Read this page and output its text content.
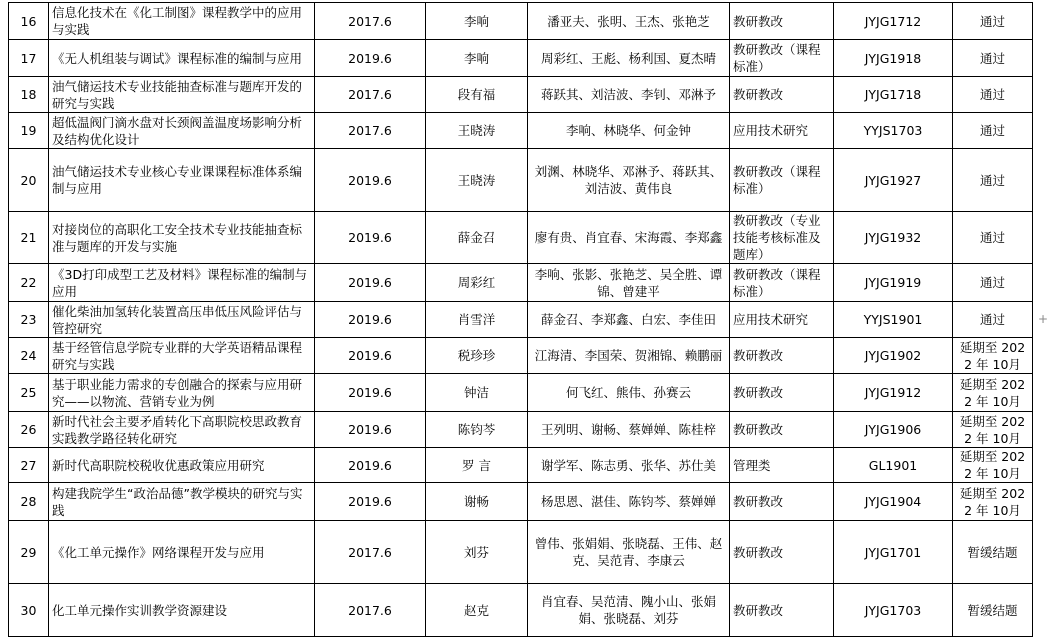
16	信息化技术在《化工制图》课程教学中的应用与实践	2017.6	李响	潘亚夫、张明、王杰、张艳芝	教研教改	JYJG1712	通过
17	《无人机组装与调试》课程标准的编制与应用	2019.6	李响	周彩红、王彪、杨利国、夏杰晴	教研教改（课程标准）	JYJG1918	通过
18	油气储运技术专业技能抽查标准与题库开发的研究与实践	2017.6	段有福	蒋跃其、刘洁波、李钊、邓淋予	教研教改	JYJG1718	通过
19	超低温阀门滴水盘对长颈阀盖温度场影响分析及结构优化设计	2017.6	王晓涛	李响、林晓华、何金钟	应用技术研究	YYJS1703	通过
20	油气储运技术专业核心专业课课程标准体系编制与应用	2019.6	王晓涛	刘渊、林晓华、邓淋予、蒋跃其、刘洁波、黄伟良	教研教改（课程标准）	JYJG1927	通过
21	对接岗位的高职化工安全技术专业技能抽查标准与题库的开发与实施	2019.6	薛金召	廖有贵、肖宜春、宋海霞、李郑鑫	教研教改（专业技能考核标准及题库）	JYJG1932	通过
22	《3D打印成型工艺及材料》课程标准的编制与应用	2019.6	周彩红	李响、张影、张艳芝、吴全胜、谭锦、曾建平	教研教改（课程标准）	JYJG1919	通过
23	催化柴油加氢转化装置高压串低压风险评估与管控研究	2019.6	肖雪洋	薛金召、李郑鑫、白宏、李佳田	应用技术研究	YYJS1901	通过
24	基于经管信息学院专业群的大学英语精品课程研究与实践	2019.6	税珍珍	江海清、李国荣、贺湘锦、赖鹏丽	教研教改	JYJG1902	延期至 2022 年 10月
25	基于职业能力需求的专创融合的探索与应用研究——以物流、营销专业为例	2019.6	钟洁	何飞红、熊伟、孙赛云	教研教改	JYJG1912	延期至 2022 年 10月
26	新时代社会主要矛盾转化下高职院校思政教育实践教学路径转化研究	2019.6	陈钧芩	王列明、谢畅、蔡婵婵、陈桂梓	教研教改	JYJG1906	延期至 2022 年 10月
27	新时代高职院校税收优惠政策应用研究	2019.6	罗 言	谢学军、陈志勇、张华、苏仕美	管理类	GL1901	延期至 2022 年 10月
28	构建我院学生“政治品德”教学模块的研究与实践	2019.6	谢畅	杨思恩、湛佳、陈钧芩、蔡婵婵	教研教改	JYJG1904	延期至 2022 年 10月
29	《化工单元操作》网络课程开发与应用	2017.6	刘芬	曾伟、张娟娟、张晓磊、王伟、赵克、吴范青、李康云	教研教改	JYJG1701	暂缓结题
30	化工单元操作实训教学资源建设	2017.6	赵克	肖宜春、吴范清、隗小山、张娟娟、张晓磊、刘芬	教研教改	JYJG1703	暂缓结题
+
